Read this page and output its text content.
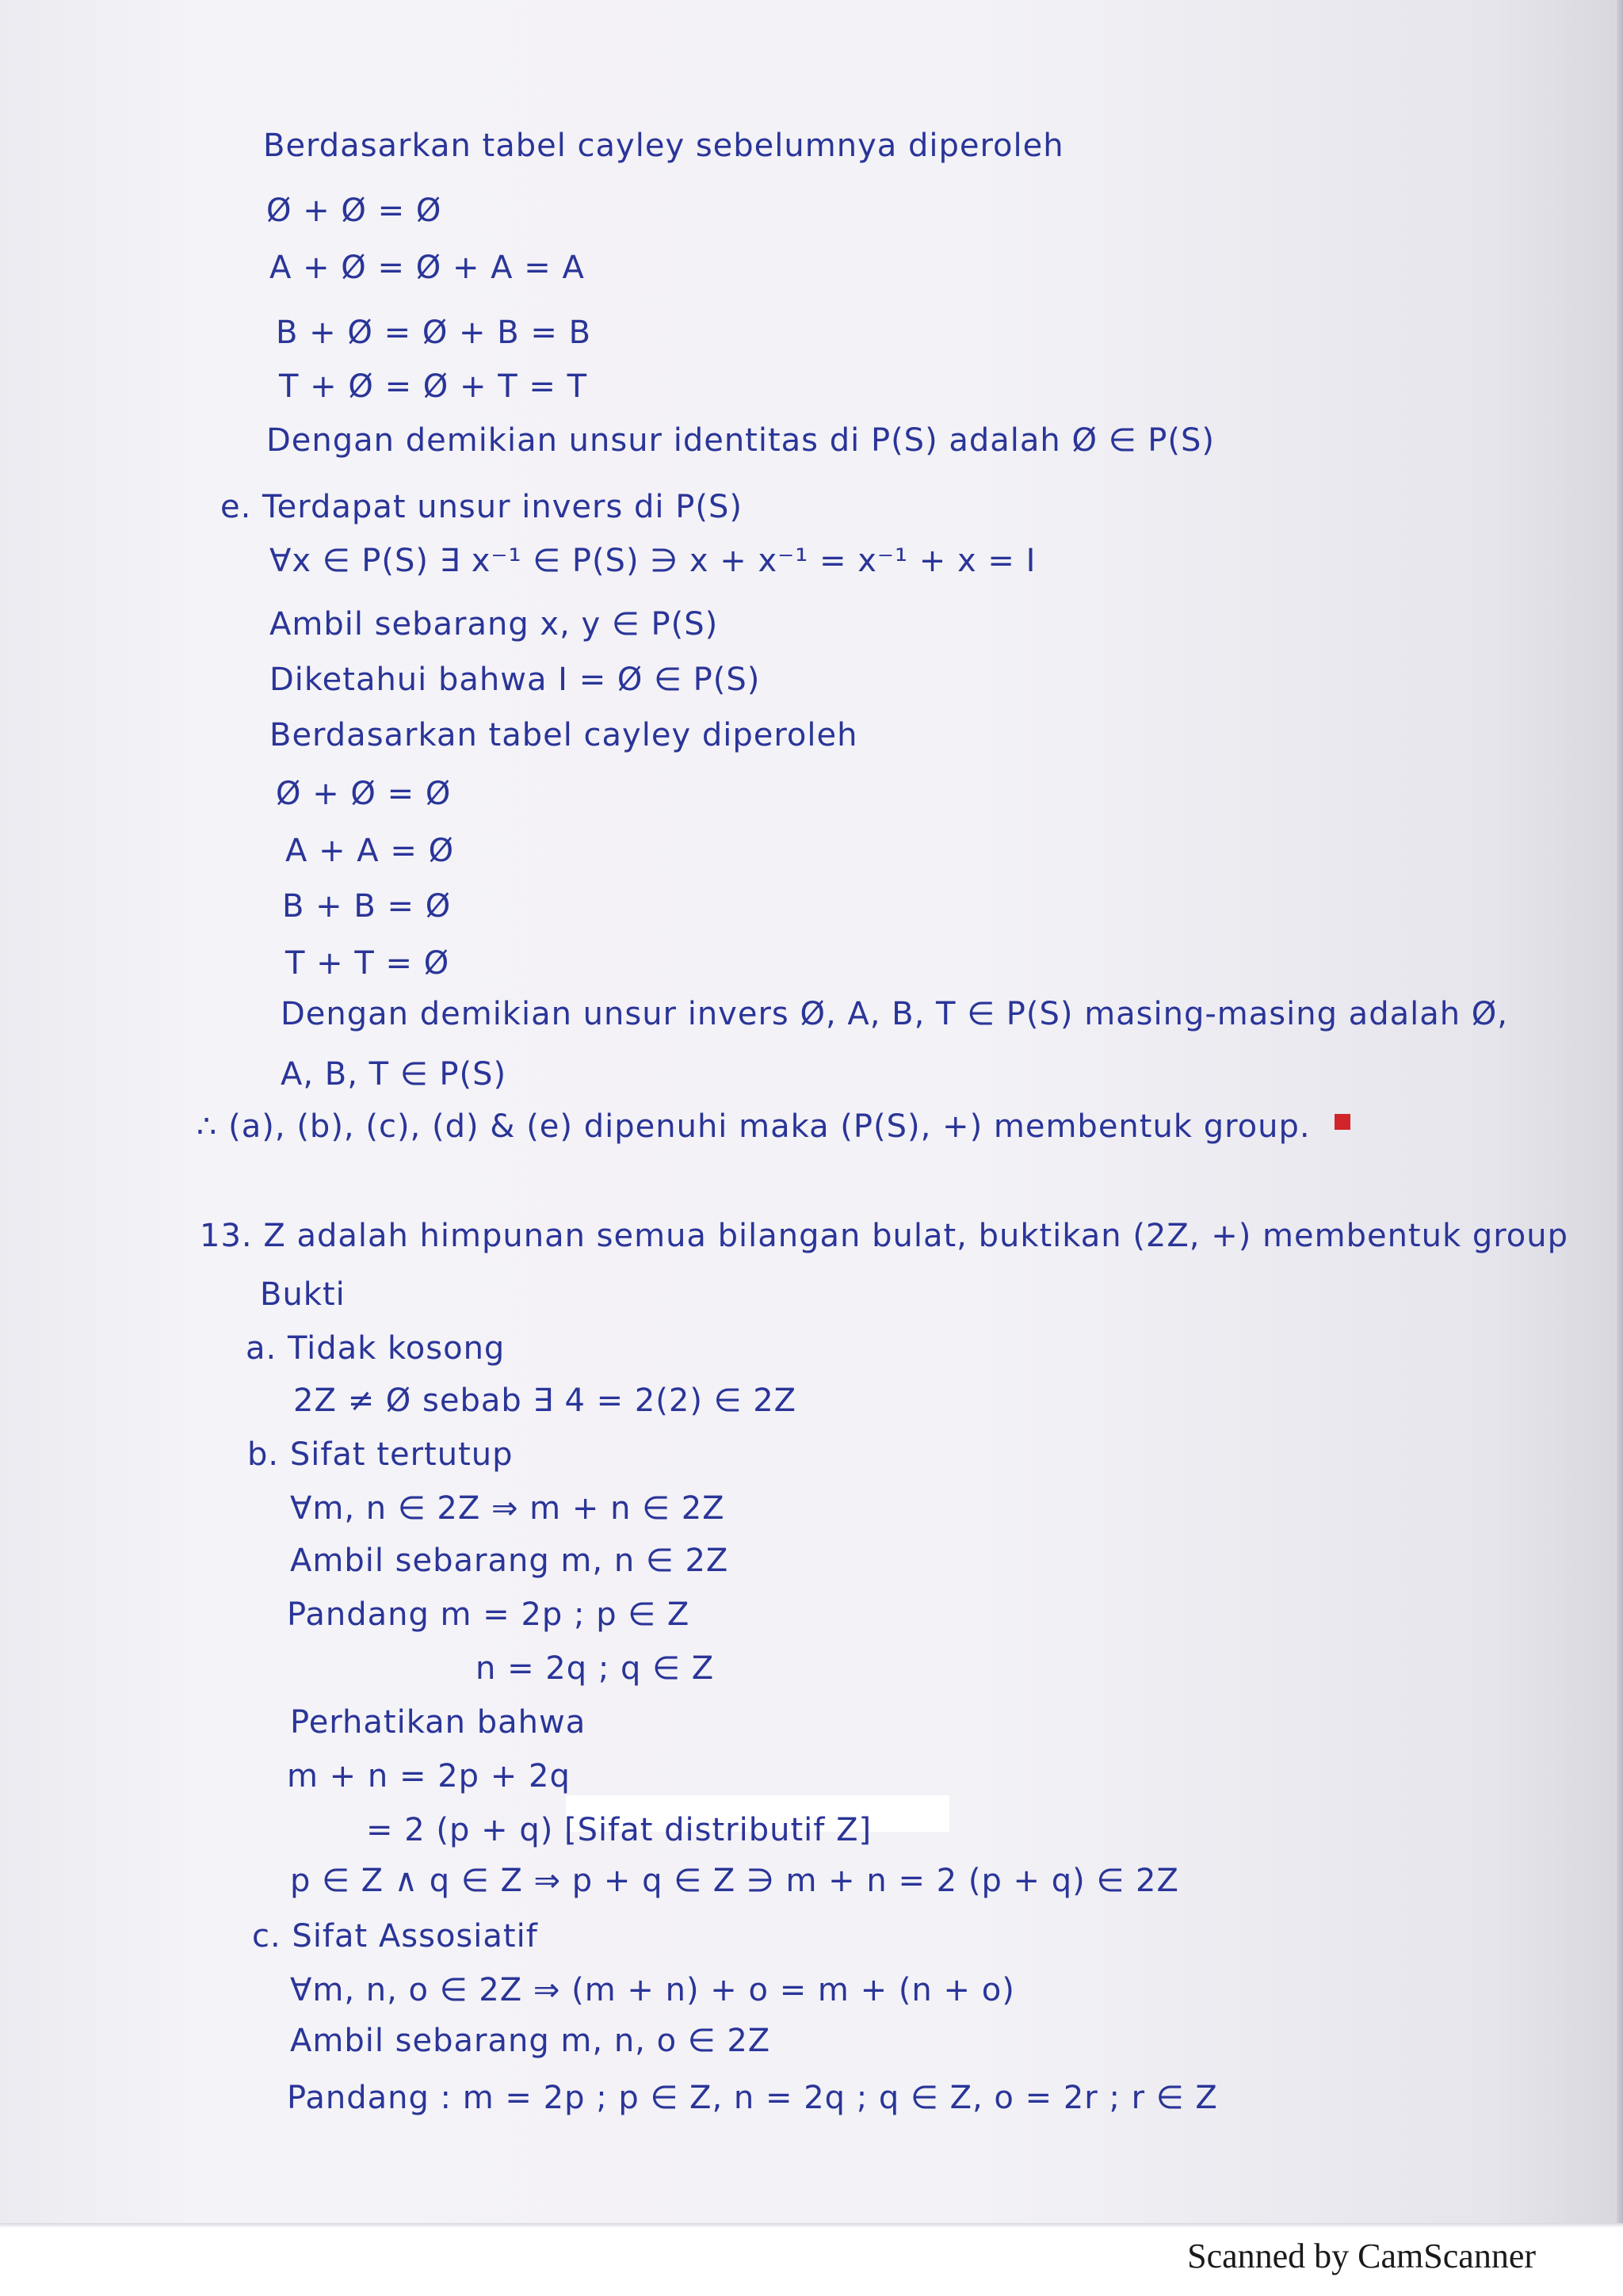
Berdasarkan tabel cayley sebelumnya diperoleh
Ø + Ø = Ø
A + Ø = Ø + A = A
B + Ø = Ø + B = B
T + Ø = Ø + T = T
Dengan demikian unsur identitas di P(S) adalah Ø ∈ P(S)
e. Terdapat unsur invers di P(S)
∀x ∈ P(S) ∃ x⁻¹ ∈ P(S) ∋ x + x⁻¹ = x⁻¹ + x = I
Ambil sebarang x, y ∈ P(S)
Diketahui bahwa I = Ø ∈ P(S)
Berdasarkan tabel cayley diperoleh
Ø + Ø = Ø
A + A = Ø
B + B = Ø
T + T = Ø
Dengan demikian unsur invers Ø, A, B, T ∈ P(S) masing-masing adalah Ø,
A, B, T ∈ P(S)
∴ (a), (b), (c), (d) & (e) dipenuhi maka (P(S), +) membentuk group.
13. Z adalah himpunan semua bilangan bulat, buktikan (2Z, +) membentuk group
Bukti
a. Tidak kosong
2Z ≠ Ø sebab ∃ 4 = 2(2) ∈ 2Z
b. Sifat tertutup
∀m, n ∈ 2Z ⇒ m + n ∈ 2Z
Ambil sebarang m, n ∈ 2Z
Pandang m = 2p ; p ∈ Z
n = 2q ; q ∈ Z
Perhatikan bahwa
m + n = 2p + 2q
= 2 (p + q) [Sifat distributif Z]
p ∈ Z ∧ q ∈ Z ⇒ p + q ∈ Z ∋ m + n = 2 (p + q) ∈ 2Z
c. Sifat Assosiatif
∀m, n, o ∈ 2Z ⇒ (m + n) + o = m + (n + o)
Ambil sebarang m, n, o ∈ 2Z
Pandang : m = 2p ; p ∈ Z, n = 2q ; q ∈ Z, o = 2r ; r ∈ Z
Scanned by CamScanner
